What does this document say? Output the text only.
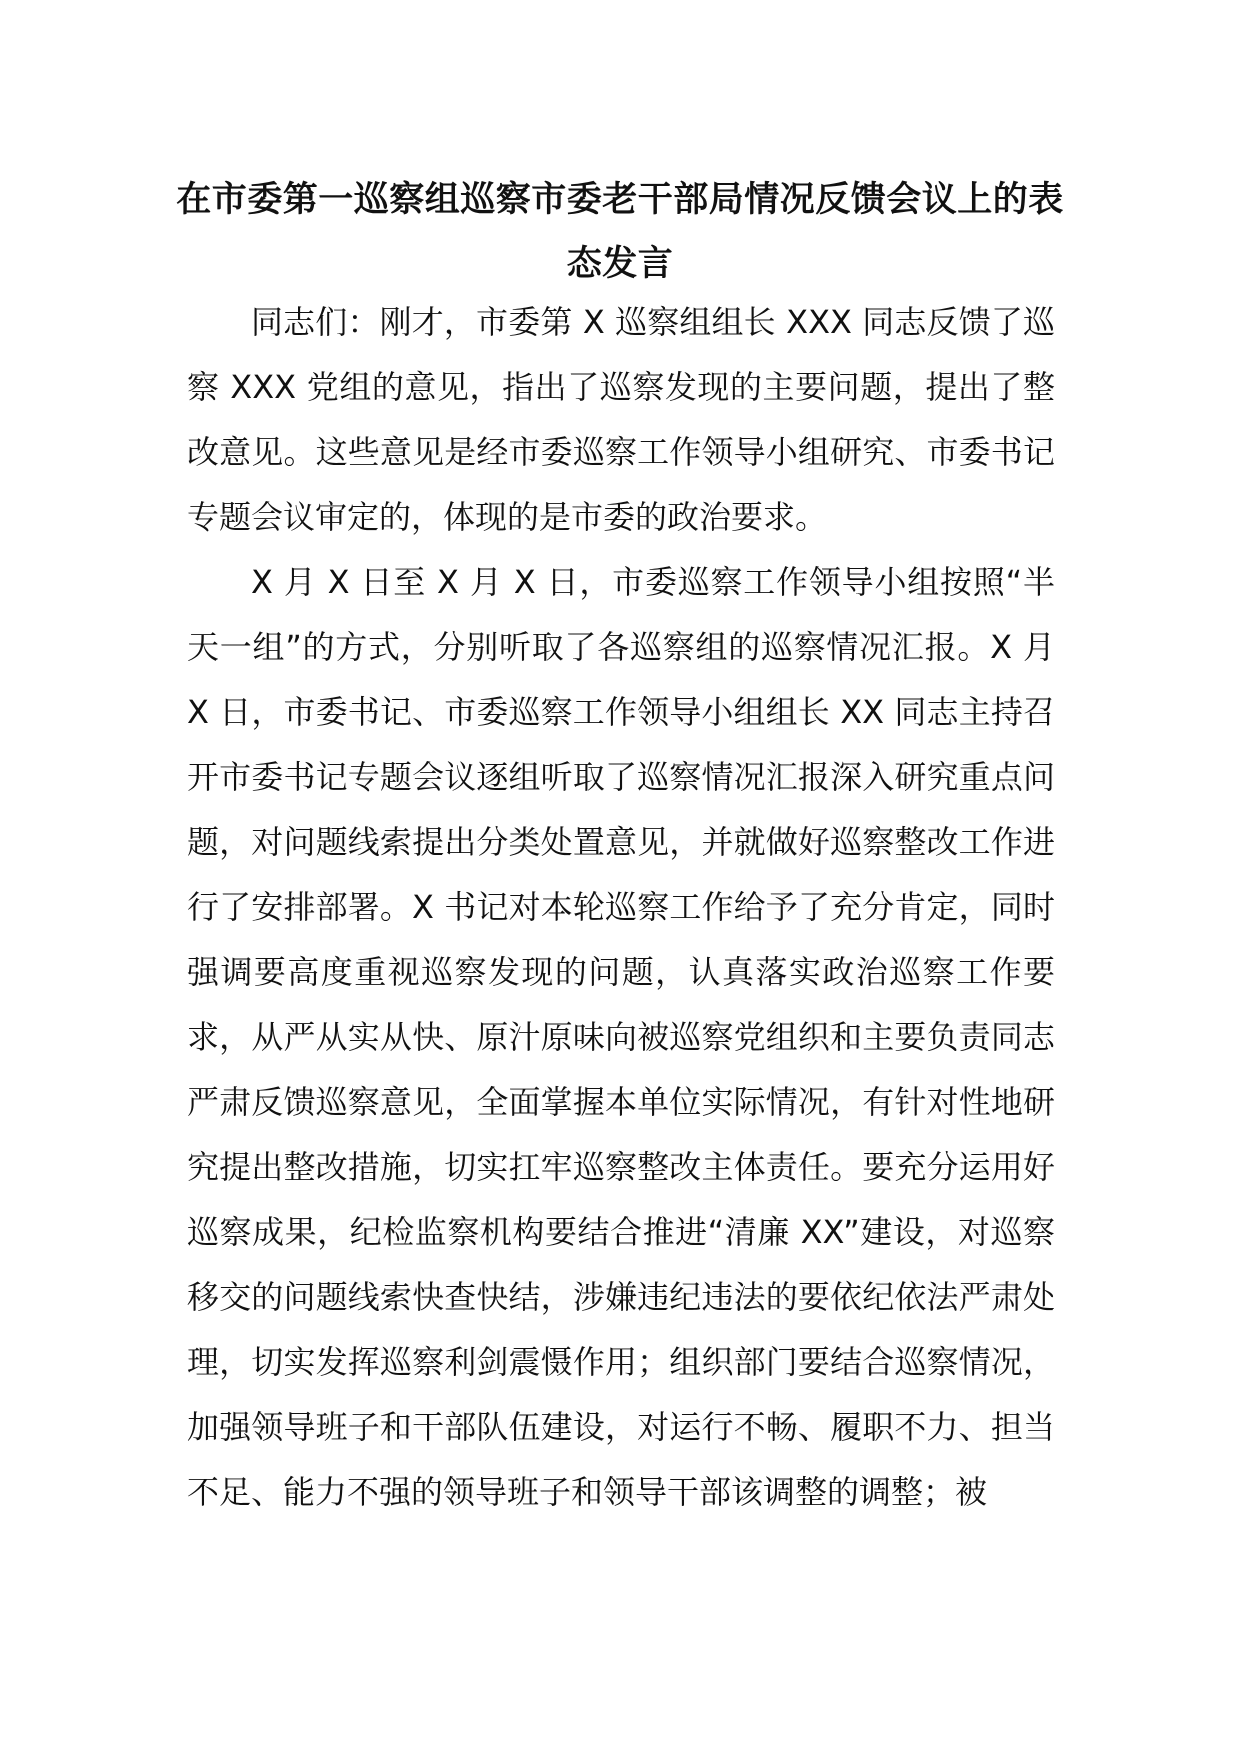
在市委第一巡察组巡察市委老干部局情况反馈会议上的表态发言

同志们：刚才，市委第 X 巡察组组长 XXX 同志反馈了巡察 XXX 党组的意见，指出了巡察发现的主要问题，提出了整改意见。这些意见是经市委巡察工作领导小组研究、市委书记专题会议审定的，体现的是市委的政治要求。

X 月 X 日至 X 月 X 日，市委巡察工作领导小组按照“半天一组”的方式，分别听取了各巡察组的巡察情况汇报。X 月 X 日，市委书记、市委巡察工作领导小组组长 XX 同志主持召开市委书记专题会议逐组听取了巡察情况汇报深入研究重点问题，对问题线索提出分类处置意见，并就做好巡察整改工作进行了安排部署。X 书记对本轮巡察工作给予了充分肯定，同时强调要高度重视巡察发现的问题，认真落实政治巡察工作要求，从严从实从快、原汁原味向被巡察党组织和主要负责同志严肃反馈巡察意见，全面掌握本单位实际情况，有针对性地研究提出整改措施，切实扛牢巡察整改主体责任。要充分运用好巡察成果，纪检监察机构要结合推进“清廉 XX”建设，对巡察移交的问题线索快查快结，涉嫌违纪违法的要依纪依法严肃处理，切实发挥巡察利剑震慑作用；组织部门要结合巡察情况，加强领导班子和干部队伍建设，对运行不畅、履职不力、担当不足、能力不强的领导班子和领导干部该调整的调整；被
